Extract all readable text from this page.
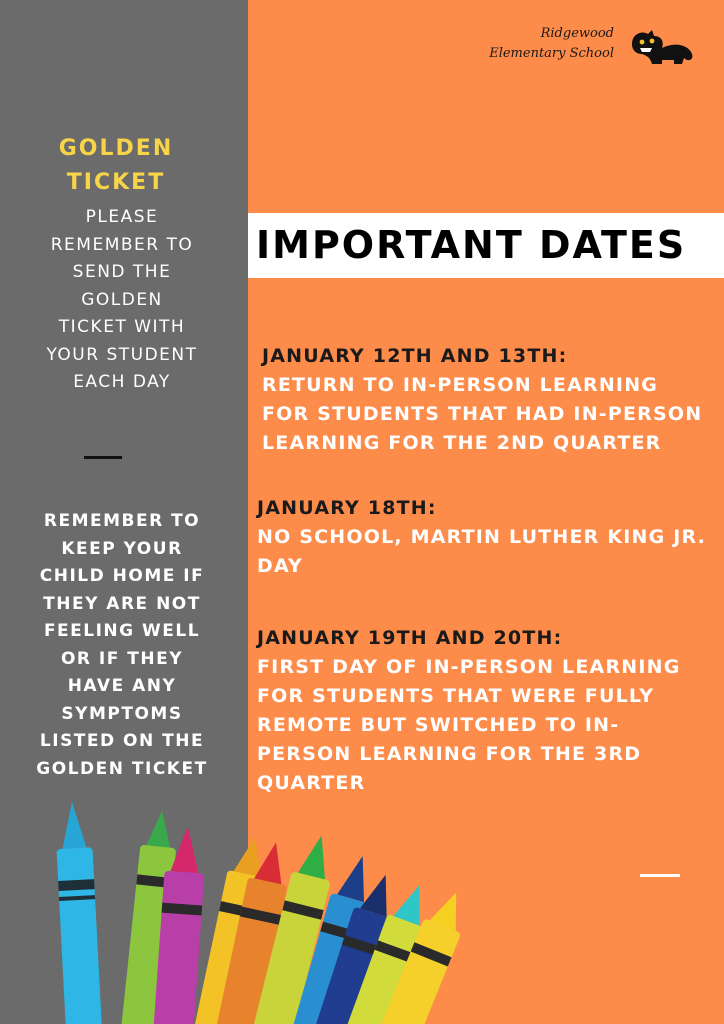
Ridgewood
Elementary School
GOLDEN
TICKET
PLEASE
REMEMBER TO
SEND THE
GOLDEN
TICKET WITH
YOUR STUDENT
EACH DAY
REMEMBER TO
KEEP YOUR
CHILD HOME IF
THEY ARE NOT
FEELING WELL
OR IF THEY
HAVE ANY
SYMPTOMS
LISTED ON THE
GOLDEN TICKET
IMPORTANT DATES
JANUARY 12TH AND 13TH:
RETURN TO IN-PERSON LEARNING
FOR STUDENTS THAT HAD IN-PERSON
LEARNING FOR THE 2ND QUARTER
JANUARY 18TH:
NO SCHOOL, MARTIN LUTHER KING JR.
DAY
JANUARY 19TH AND 20TH:
FIRST DAY OF IN-PERSON LEARNING
FOR STUDENTS THAT WERE FULLY
REMOTE BUT SWITCHED TO IN-
PERSON LEARNING FOR THE 3RD
QUARTER
